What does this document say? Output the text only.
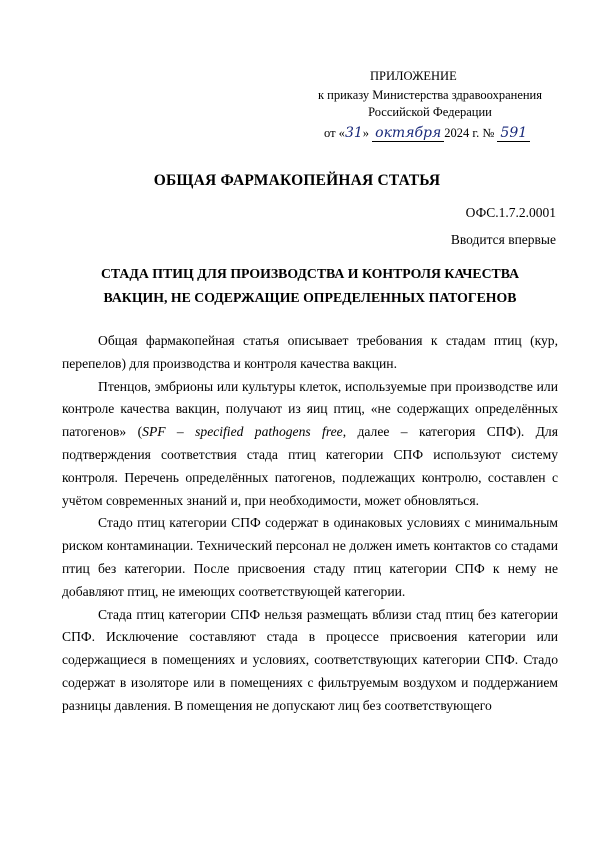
ПРИЛОЖЕНИЕ
к приказу Министерства здравоохранения
Российской Федерации
от «31» октября 2024 г. № 591
ОБЩАЯ ФАРМАКОПЕЙНАЯ СТАТЬЯ
ОФС.1.7.2.0001
Вводится впервые
СТАДА ПТИЦ ДЛЯ ПРОИЗВОДСТВА И КОНТРОЛЯ КАЧЕСТВА
ВАКЦИН, НЕ СОДЕРЖАЩИЕ ОПРЕДЕЛЕННЫХ ПАТОГЕНОВ

Общая фармакопейная статья описывает требования к стадам птиц (кур, перепелов) для производства и контроля качества вакцин.

Птенцов, эмбрионы или культуры клеток, используемые при производстве или контроле качества вакцин, получают из яиц птиц, «не содержащих определённых патогенов» (SPF – specified pathogens free, далее – категория СПФ). Для подтверждения соответствия стада птиц категории СПФ используют систему контроля. Перечень определённых патогенов, подлежащих контролю, составлен с учётом современных знаний и, при необходимости, может обновляться.

Стадо птиц категории СПФ содержат в одинаковых условиях с минимальным риском контаминации. Технический персонал не должен иметь контактов со стадами птиц без категории. После присвоения стаду птиц категории СПФ к нему не добавляют птиц, не имеющих соответствующей категории.

Стада птиц категории СПФ нельзя размещать вблизи стад птиц без категории СПФ. Исключение составляют стада в процессе присвоения категории или содержащиеся в помещениях и условиях, соответствующих категории СПФ. Стадо содержат в изоляторе или в помещениях с фильтруемым воздухом и поддержанием разницы давления. В помещения не допускают лиц без соответствующего
